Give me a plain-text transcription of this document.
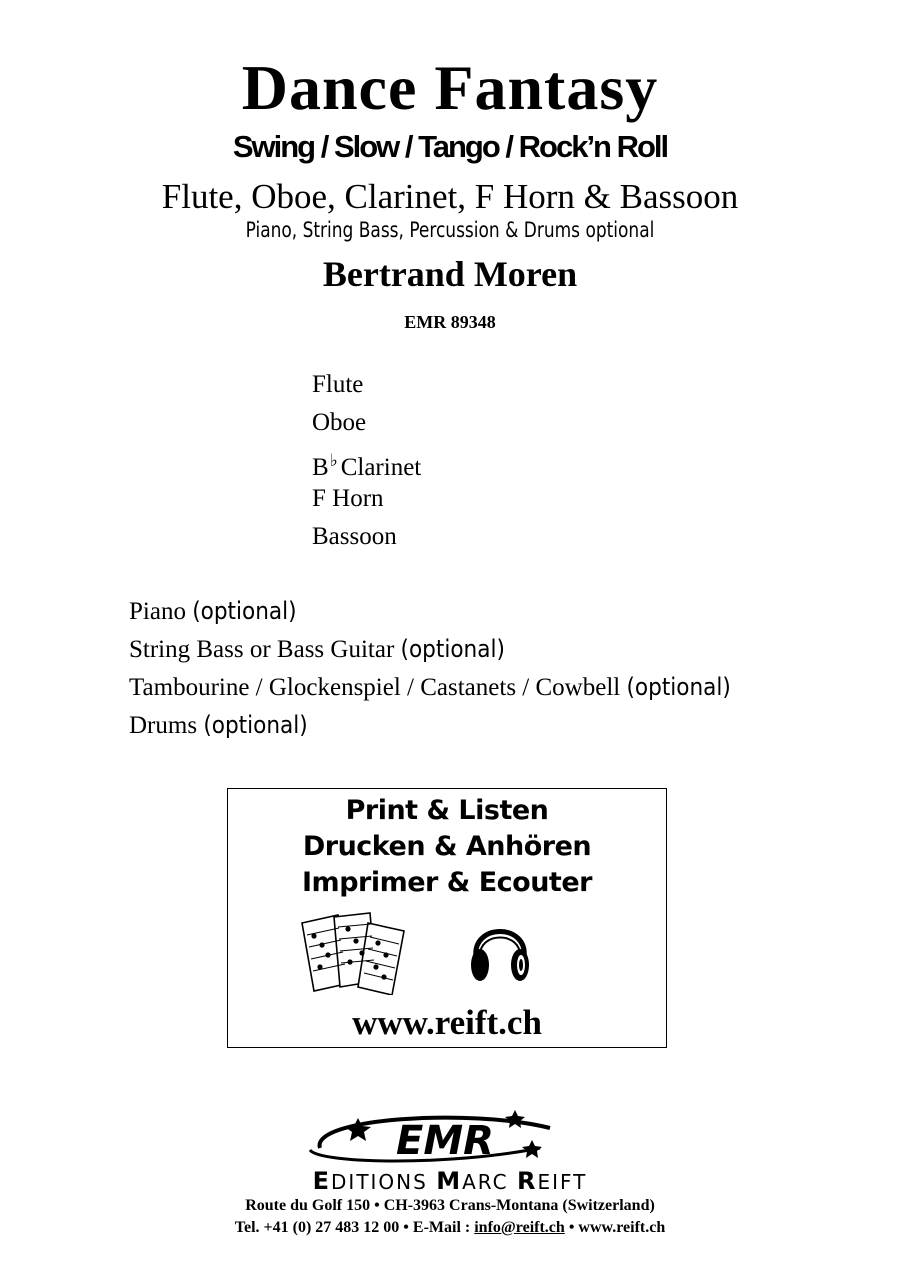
Dance Fantasy
Swing / Slow / Tango / Rock’n Roll
Flute, Oboe, Clarinet, F Horn & Bassoon
Piano, String Bass, Percussion & Drums optional
Bertrand Moren
EMR 89348
Flute
Oboe
B♭ Clarinet
F Horn
Bassoon
Piano (optional)
String Bass or Bass Guitar (optional)
Tambourine / Glockenspiel / Castanets / Cowbell (optional)
Drums (optional)
Print & Listen
Drucken & Anhören
Imprimer & Ecouter
www.reift.ch
EMR
EDITIONS MARC REIFT
Route du Golf 150 • CH-3963 Crans-Montana (Switzerland)
Tel. +41 (0) 27 483 12 00 • E-Mail : info@reift.ch • www.reift.ch
